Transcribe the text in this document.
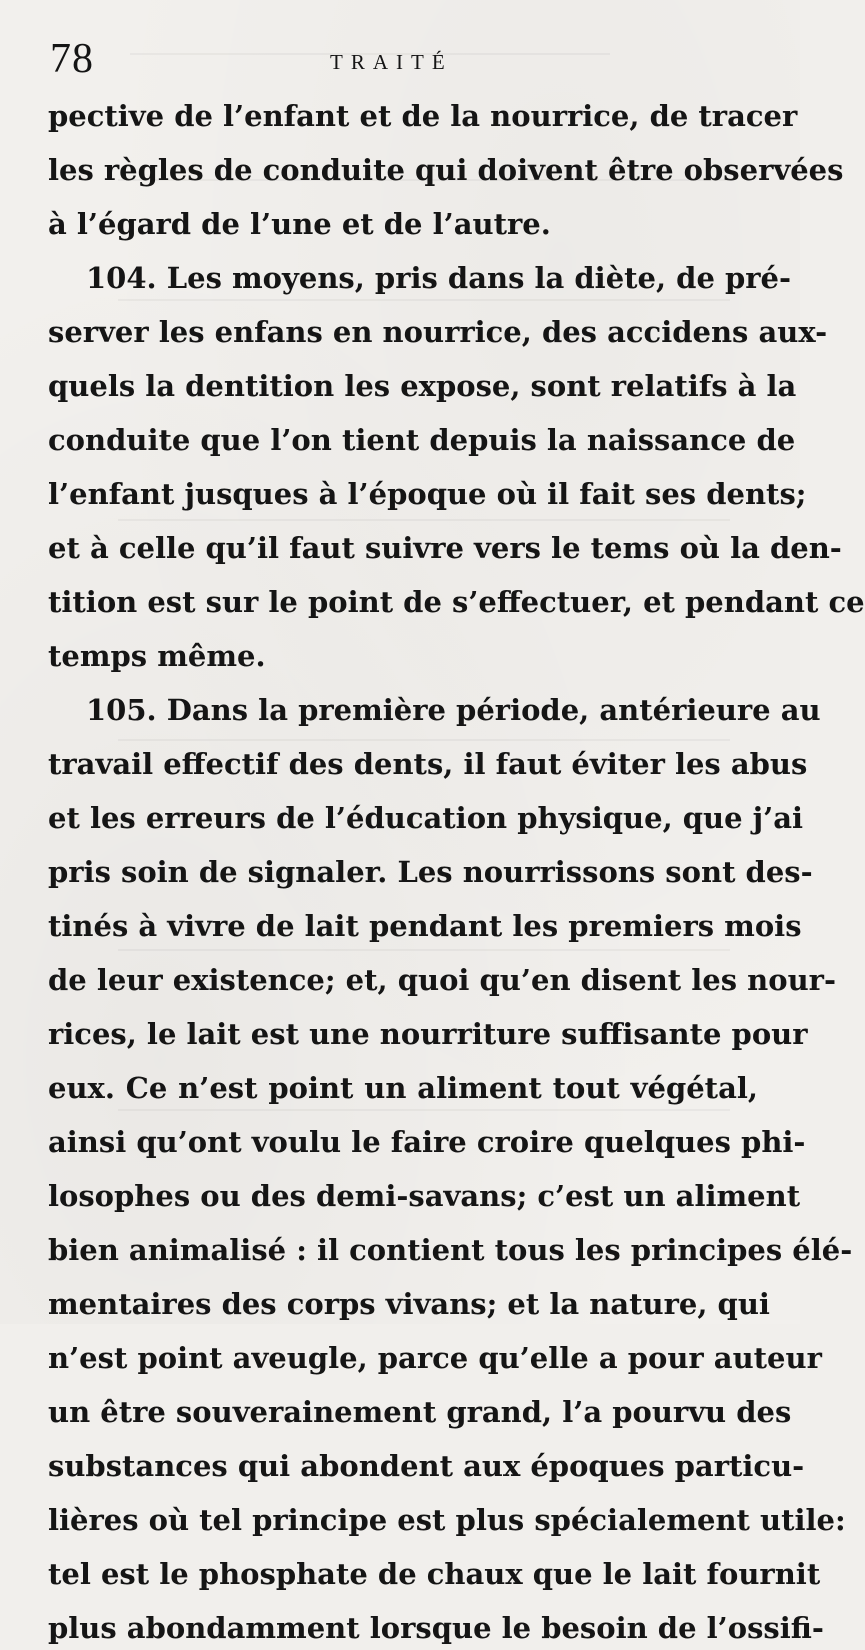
78	TRAITÉ
pective de l’enfant et de la nourrice, de tracer
les règles de conduite qui doivent être observées
à l’égard de l’une et de l’autre.
104. Les moyens, pris dans la diète, de pré-
server les enfans en nourrice, des accidens aux-
quels la dentition les expose, sont relatifs à la
conduite que l’on tient depuis la naissance de
l’enfant jusques à l’époque où il fait ses dents;
et à celle qu’il faut suivre vers le tems où la den-
tition est sur le point de s’effectuer, et pendant ce
temps même.
105. Dans la première période, antérieure au
travail effectif des dents, il faut éviter les abus
et les erreurs de l’éducation physique, que j’ai
pris soin de signaler. Les nourrissons sont des-
tinés à vivre de lait pendant les premiers mois
de leur existence; et, quoi qu’en disent les nour-
rices, le lait est une nourriture suffisante pour
eux. Ce n’est point un aliment tout végétal,
ainsi qu’ont voulu le faire croire quelques phi-
losophes ou des demi-savans; c’est un aliment
bien animalisé : il contient tous les principes élé-
mentaires des corps vivans; et la nature, qui
n’est point aveugle, parce qu’elle a pour auteur
un être souverainement grand, l’a pourvu des
substances qui abondent aux époques particu-
lières où tel principe est plus spécialement utile:
tel est le phosphate de chaux que le lait fournit
plus abondamment lorsque le besoin de l’ossifi-
